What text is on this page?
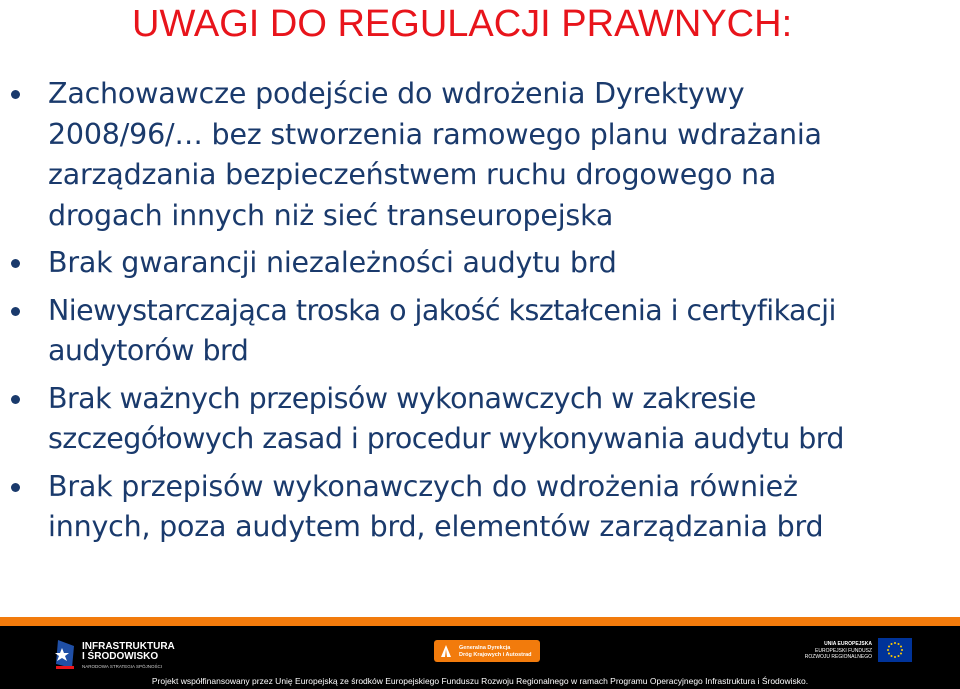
UWAGI DO REGULACJI PRAWNYCH:
Zachowawcze podejście do wdrożenia Dyrektywy
2008/96/… bez stworzenia ramowego planu wdrażania
zarządzania bezpieczeństwem ruchu drogowego na
drogach innych niż sieć transeuropejska
Brak gwarancji niezależności audytu brd
Niewystarczająca troska o jakość kształcenia i certyfikacji
audytorów brd
Brak ważnych przepisów wykonawczych w zakresie
szczegółowych zasad i procedur wykonywania audytu brd
Brak przepisów wykonawczych do wdrożenia również
innych, poza audytem brd, elementów zarządzania brd
INFRASTRUKTURA
I ŚRODOWISKO
NARODOWA STRATEGIA SPÓJNOŚCI
Generalna Dyrekcja
Dróg Krajowych i Autostrad
UNIA EUROPEJSKA
EUROPEJSKI FUNDUSZ
ROZWOJU REGIONALNEGO
Projekt współfinansowany przez Unię Europejską ze środków Europejskiego Funduszu Rozwoju Regionalnego w ramach Programu Operacyjnego Infrastruktura i Środowisko.
